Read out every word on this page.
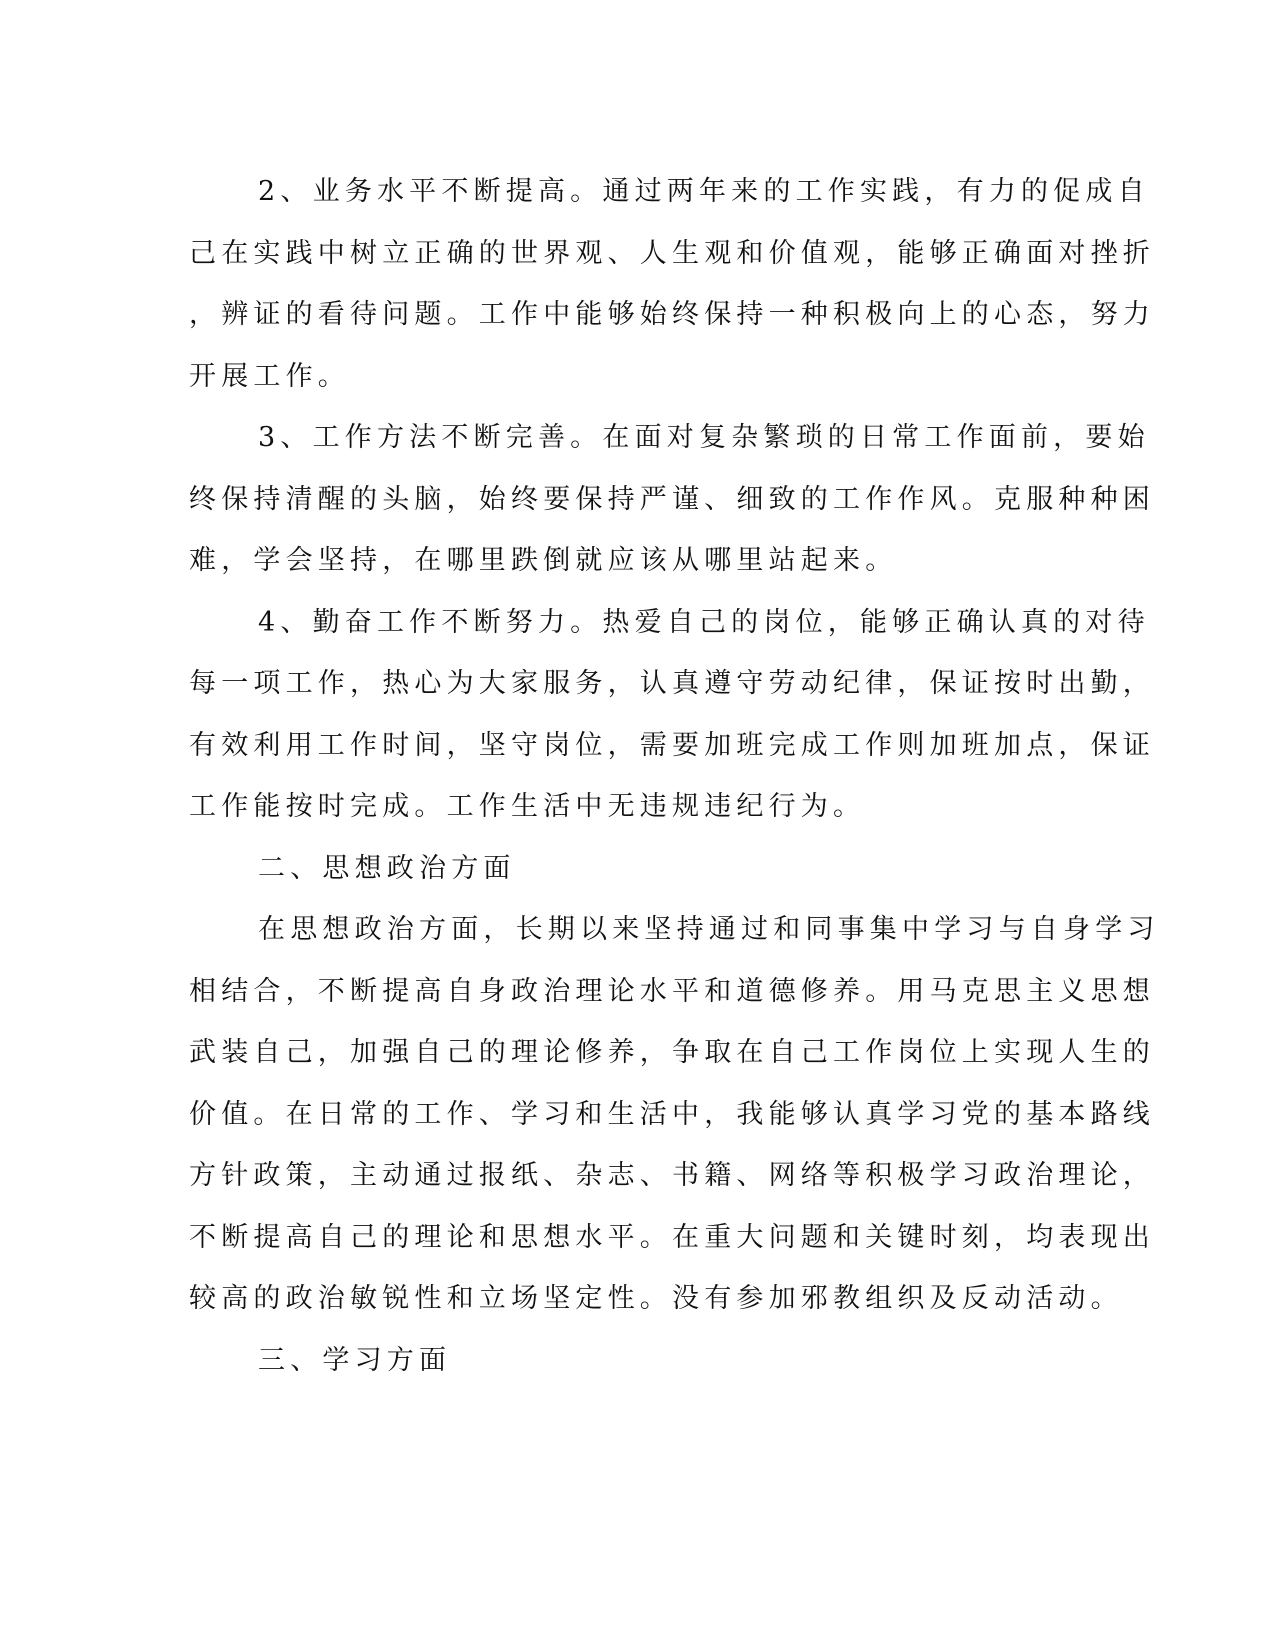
2、业务水平不断提高。通过两年来的工作实践，有力的促成自
己在实践中树立正确的世界观、人生观和价值观，能够正确面对挫折
，辨证的看待问题。工作中能够始终保持一种积极向上的心态，努力
开展工作。
3、工作方法不断完善。在面对复杂繁琐的日常工作面前，要始
终保持清醒的头脑，始终要保持严谨、细致的工作作风。克服种种困
难，学会坚持，在哪里跌倒就应该从哪里站起来。
4、勤奋工作不断努力。热爱自己的岗位，能够正确认真的对待
每一项工作，热心为大家服务，认真遵守劳动纪律，保证按时出勤，
有效利用工作时间，坚守岗位，需要加班完成工作则加班加点，保证
工作能按时完成。工作生活中无违规违纪行为。
二、思想政治方面
在思想政治方面，长期以来坚持通过和同事集中学习与自身学习
相结合，不断提高自身政治理论水平和道德修养。用马克思主义思想
武装自己，加强自己的理论修养，争取在自己工作岗位上实现人生的
价值。在日常的工作、学习和生活中，我能够认真学习党的基本路线
方针政策，主动通过报纸、杂志、书籍、网络等积极学习政治理论，
不断提高自己的理论和思想水平。在重大问题和关键时刻，均表现出
较高的政治敏锐性和立场坚定性。没有参加邪教组织及反动活动。
三、学习方面
